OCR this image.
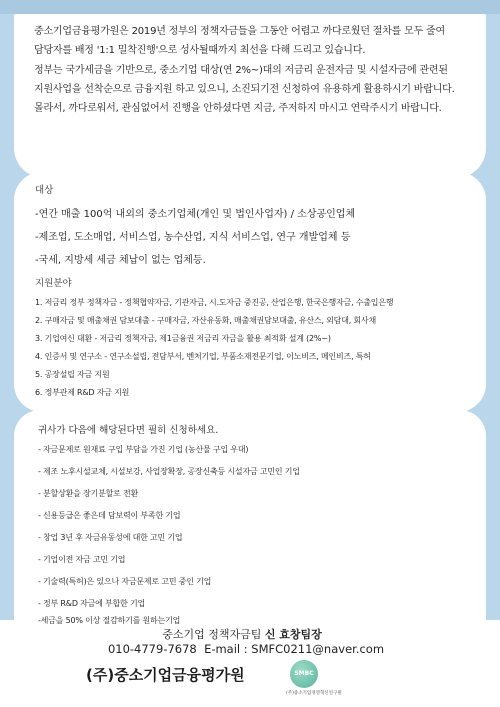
중소기업금융평가원은 2019년 정부의 정책자금들을 그동안 어렵고 까다로웠던 절차를 모두 줄여

담당자를 배정 '1:1 밀착진행'으로 성사될때까지 최선을 다해 드리고 있습니다.

정부는 국가세금을 기반으로, 중소기업 대상(연 2%~)대의 저금리 운전자금 및 시설자금에 관련된

지원사업을 선착순으로 금융지원 하고 있으니, 소진되기전 신청하여 유용하게 활용하시기 바랍니다.

몰라서, 까다로워서, 관심없어서 진행을 안하셨다면 지금, 주저하지 마시고 연락주시기 바랍니다.

대상
-연간 매출 100억 내외의 중소기업체(개인 및 법인사업자) / 소상공인업체
-제조업, 도소매업, 서비스업, 농수산업, 지식 서비스업, 연구 개발업체 등
-국세, 지방세 세금 체납이 없는 업체등.
지원분야
1. 저금리 정부 정책자금 - 정책협약자금, 기관자금, 시.도자금 중진공, 산업은행, 한국은행자금, 수출입은행
2. 구매자금 및 매출채권 담보대출 - 구매자금, 자산유동화, 매출채권담보대출, 유산스, 외담대, 회사채
3. 기업여신 대환 - 저금리 정책자금, 제1금융권 저금리 자금을 활용 최적화 설계 (2%~)
4. 인증서 및 연구소 - 연구소설립, 전담부서, 벤처기업, 부품소재전문기업, 이노비즈, 메인비즈, 특허
5. 공장설립 자금 지원
6. 정부관제 R&D 자금 지원
귀사가 다음에 해당된다면 필히 신청하세요.
- 자금문제로 원재료 구입 부담을 가진 기업 (농산물 구입 우대)
- 제조 노후시설교체, 시설보강, 사업장확장, 공장신축등 시설자금 고민인 기업
- 분할상환을 장기분할로 전환
- 신용등급은 좋은데 담보력이 부족한 기업
- 창업 3년 후 자금유동성에 대한 고민 기업
- 기업이전 자금 고민 기업
- 기술력(특허)은 있으나 자금문제로 고민 중인 기업
- 정부 R&D 자금에 부합한 기업
-세금을 50% 이상 절감하기를 원하는기업
중소기업 정책자금팀 신 효창팀장
010-4779-7678 E-mail : SMFC0211@naver.com
(주)중소기업금융평가원	SMBC
(주)중소기업경영혁신연구원
